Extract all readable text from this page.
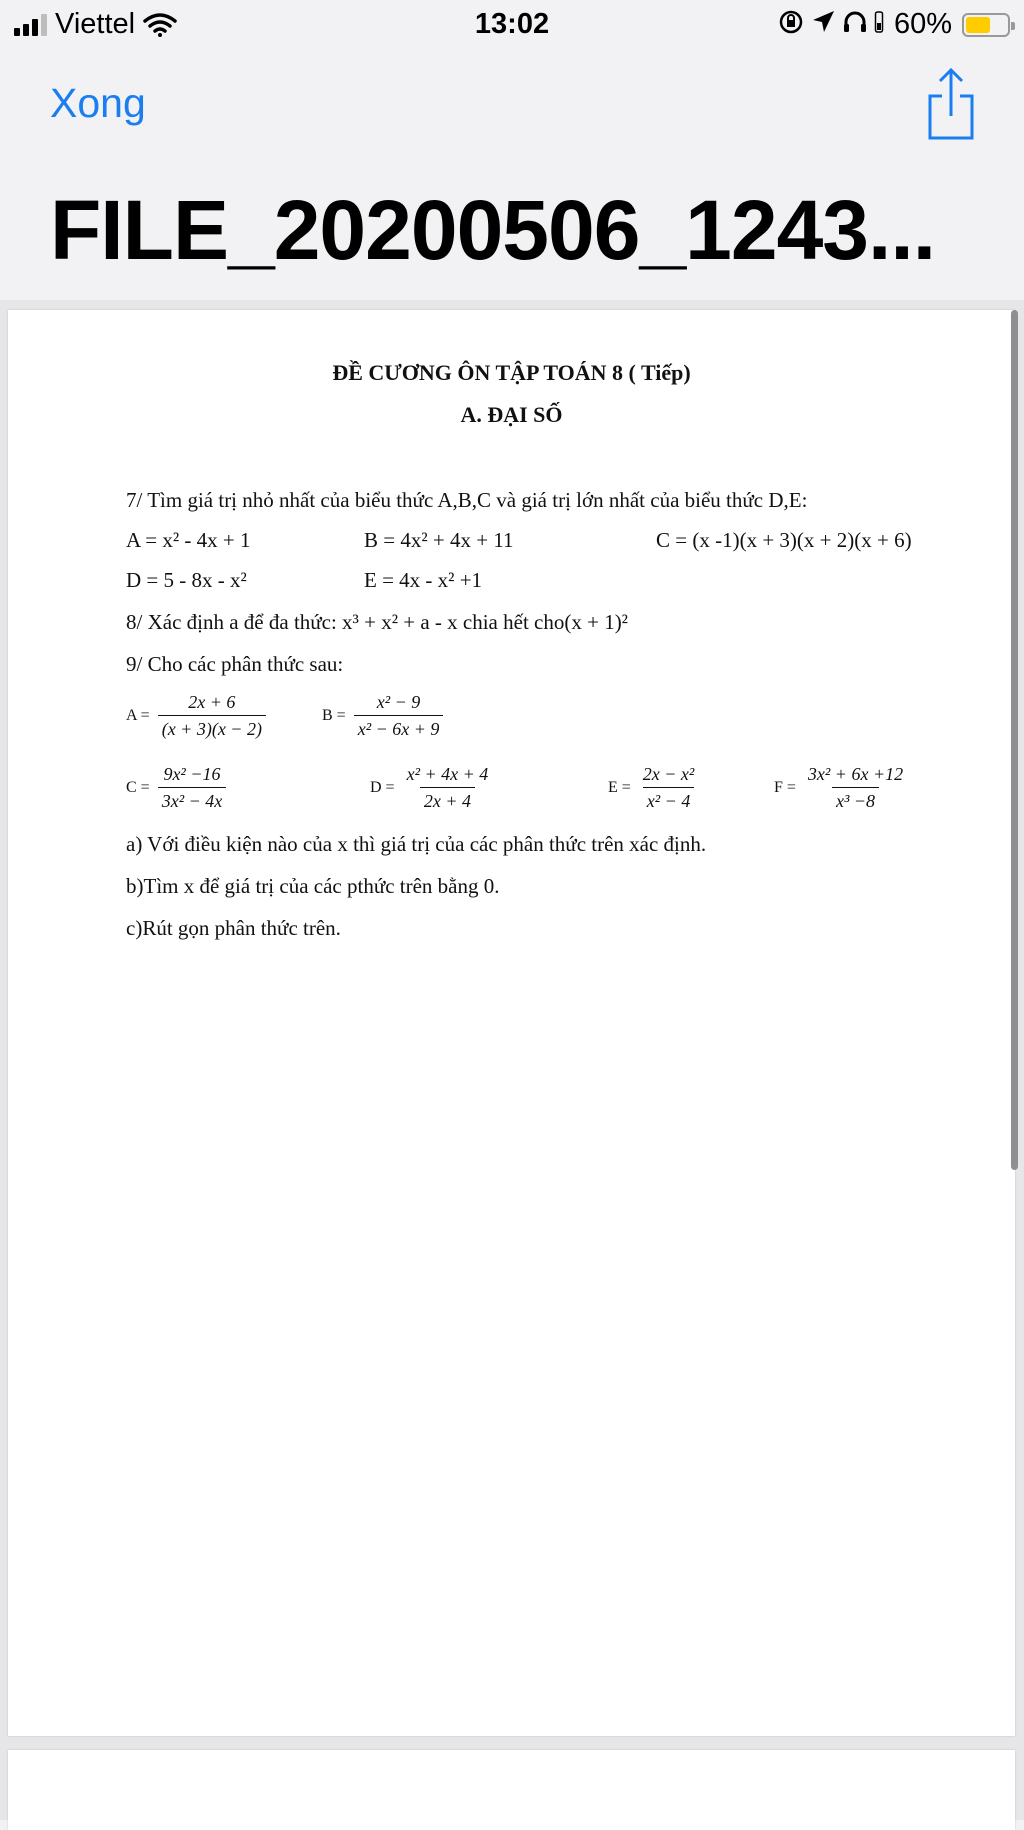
Viettel	13:02	60%
Xong
FILE_20200506_1243...
ĐỀ CƯƠNG ÔN TẬP TOÁN 8 ( Tiếp)
A. ĐẠI SỐ
7/ Tìm giá trị nhỏ nhất của biểu thức A,B,C và giá trị lớn nhất của biểu thức D,E:
A = x² - 4x + 1	B = 4x² + 4x + 11	C = (x -1)(x + 3)(x + 2)(x + 6)
D = 5 - 8x - x²	E = 4x - x² +1
8/ Xác định a để đa thức: x³ + x² + a - x chia hết cho(x + 1)²
9/ Cho các phân thức sau:
$A = \frac{2x + 6}{(x + 3)(x - 2)}$	$B = \frac{\text{x² − 9}}{\text{x² − 6x + 9}}$
$C = \frac{\text{9x² −16}}{\text{3x² − 4x}}$	$D = \frac{\text{x² + 4x + 4}}{2x + 4}$	$E = \frac{\text{2x − x²}}{\text{x² − 4}}$	$F = \frac{\text{3x² + 6x +12}}{\text{x³ −8}}$
a) Với điều kiện nào của x thì giá trị của các phân thức trên xác định.
b)Tìm x để giá trị của các pthức trên bằng 0.
c)Rút gọn phân thức trên.
